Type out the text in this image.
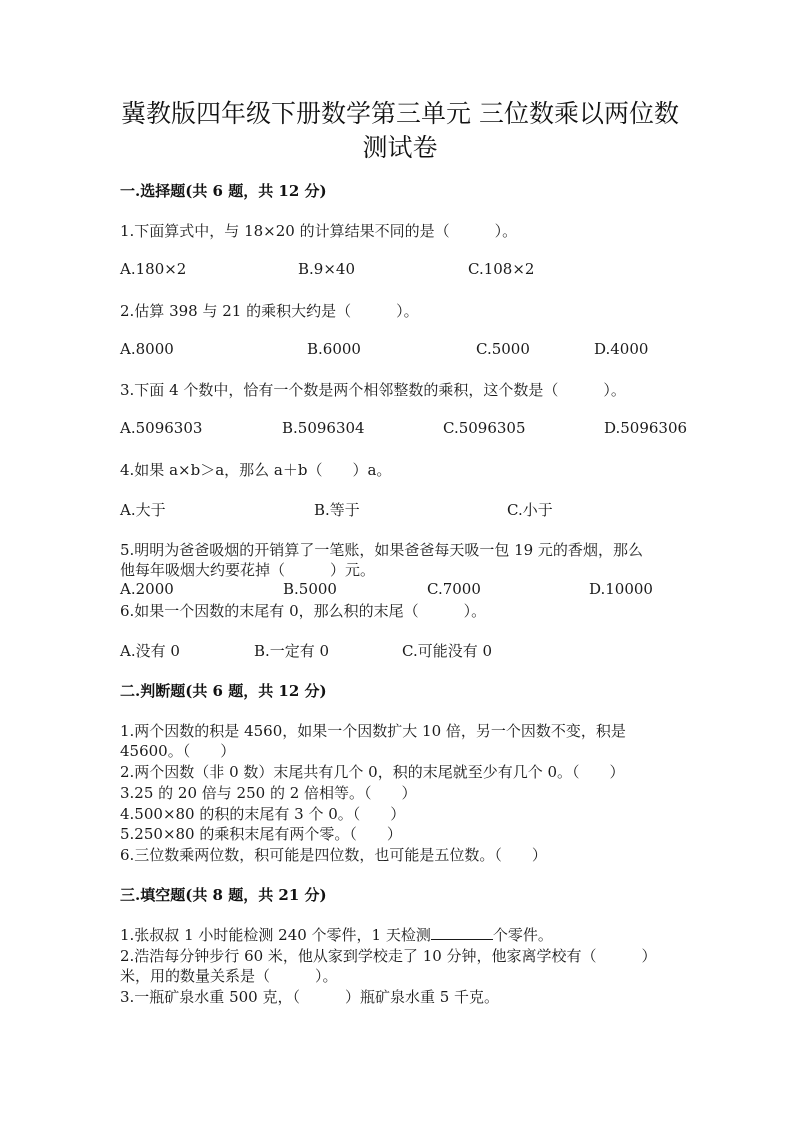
冀教版四年级下册数学第三单元 三位数乘以两位数
测试卷
一.选择题(共 6 题，共 12 分)
1.下面算式中，与 18×20 的计算结果不同的是（　　　）。
A.180×2	B.9×40	C.108×2
2.估算 398 与 21 的乘积大约是（　　　）。
A.8000	B.6000	C.5000	D.4000
3.下面 4 个数中，恰有一个数是两个相邻整数的乘积，这个数是（　　　）。
A.5096303	B.5096304	C.5096305	D.5096306
4.如果 a×b＞a，那么 a＋b（　　）a。
A.大于	B.等于	C.小于
5.明明为爸爸吸烟的开销算了一笔账，如果爸爸每天吸一包 19 元的香烟，那么
他每年吸烟大约要花掉（　　　）元。
A.2000	B.5000	C.7000	D.10000
6.如果一个因数的末尾有 0，那么积的末尾（　　　）。
A.没有 0	B.一定有 0	C.可能没有 0
二.判断题(共 6 题，共 12 分)
1.两个因数的积是 4560，如果一个因数扩大 10 倍，另一个因数不变，积是
45600。（　　）
2.两个因数（非 0 数）末尾共有几个 0，积的末尾就至少有几个 0。（　　）
3.25 的 20 倍与 250 的 2 倍相等。（　　）
4.500×80 的积的末尾有 3 个 0。（　　）
5.250×80 的乘积末尾有两个零。（　　）
6.三位数乘两位数，积可能是四位数，也可能是五位数。（　　）
三.填空题(共 8 题，共 21 分)
1.张叔叔 1 小时能检测 240 个零件，1 天检测	个零件。
2.浩浩每分钟步行 60 米，他从家到学校走了 10 分钟，他家离学校有（　　　）
米，用的数量关系是（　　　）。
3.一瓶矿泉水重 500 克，（　　　）瓶矿泉水重 5 千克。
